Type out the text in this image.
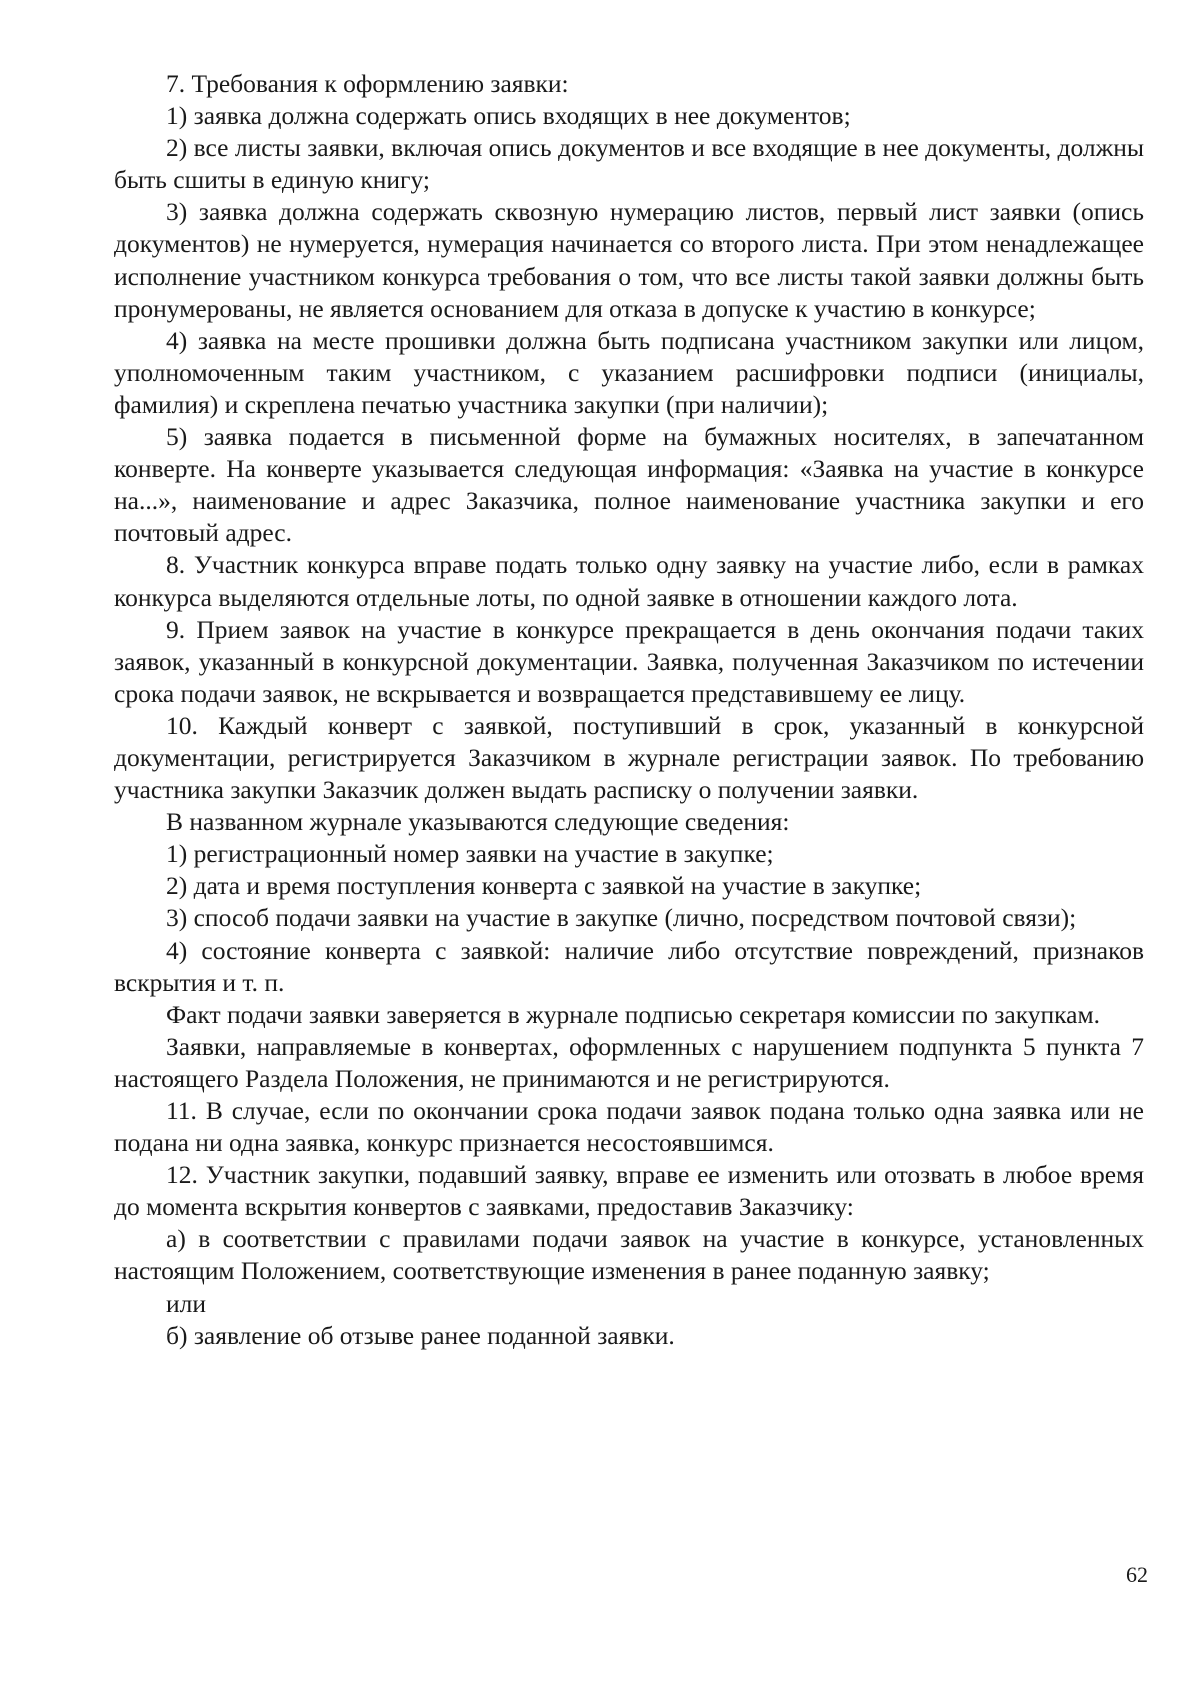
7. Требования к оформлению заявки:

1) заявка должна содержать опись входящих в нее документов;

2) все листы заявки, включая опись документов и все входящие в нее документы, должны быть сшиты в единую книгу;

3) заявка должна содержать сквозную нумерацию листов, первый лист заявки (опись документов) не нумеруется, нумерация начинается со второго листа. При этом ненадлежащее исполнение участником конкурса требования о том, что все листы такой заявки должны быть пронумерованы, не является основанием для отказа в допуске к участию в конкурсе;

4) заявка на месте прошивки должна быть подписана участником закупки или лицом, уполномоченным таким участником, с указанием расшифровки подписи (инициалы, фамилия) и скреплена печатью участника закупки (при наличии);

5) заявка подается в письменной форме на бумажных носителях, в запечатанном конверте. На конверте указывается следующая информация: «Заявка на участие в конкурсе на...», наименование и адрес Заказчика, полное наименование участника закупки и его почтовый адрес.

8. Участник конкурса вправе подать только одну заявку на участие либо, если в рамках конкурса выделяются отдельные лоты, по одной заявке в отношении каждого лота.

9. Прием заявок на участие в конкурсе прекращается в день окончания подачи таких заявок, указанный в конкурсной документации. Заявка, полученная Заказчиком по истечении срока подачи заявок, не вскрывается и возвращается представившему ее лицу.

10. Каждый конверт с заявкой, поступивший в срок, указанный в конкурсной документации, регистрируется Заказчиком в журнале регистрации заявок. По требованию участника закупки Заказчик должен выдать расписку о получении заявки.

В названном журнале указываются следующие сведения:

1) регистрационный номер заявки на участие в закупке;

2) дата и время поступления конверта с заявкой на участие в закупке;

3) способ подачи заявки на участие в закупке (лично, посредством почтовой связи);

4) состояние конверта с заявкой: наличие либо отсутствие повреждений, признаков вскрытия и т. п.

Факт подачи заявки заверяется в журнале подписью секретаря комиссии по закупкам.

Заявки, направляемые в конвертах, оформленных с нарушением подпункта 5 пункта 7 настоящего Раздела Положения, не принимаются и не регистрируются.

11. В случае, если по окончании срока подачи заявок подана только одна заявка или не подана ни одна заявка, конкурс признается несостоявшимся.

12. Участник закупки, подавший заявку, вправе ее изменить или отозвать в любое время до момента вскрытия конвертов с заявками, предоставив Заказчику:

а) в соответствии с правилами подачи заявок на участие в конкурсе, установленных настоящим Положением, соответствующие изменения в ранее поданную заявку;

или

б) заявление об отзыве ранее поданной заявки.

62
